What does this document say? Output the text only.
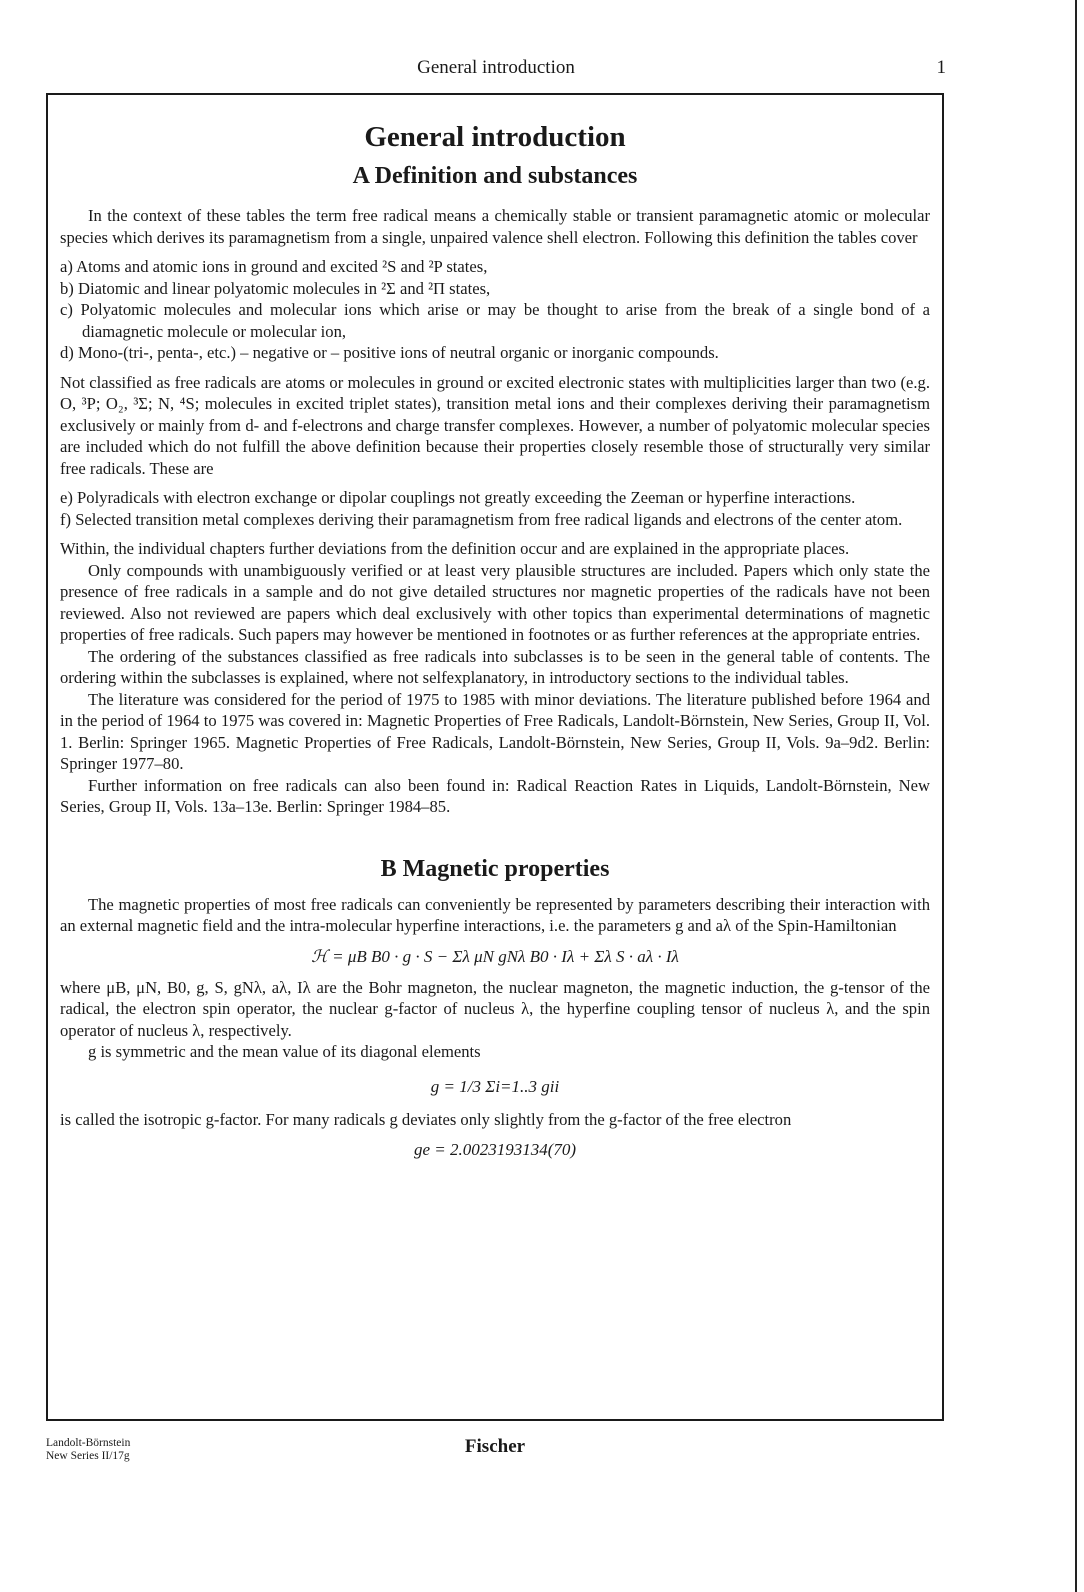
General introduction	1
General introduction
A Definition and substances

In the context of these tables the term free radical means a chemically stable or transient paramagnetic atomic or molecular species which derives its paramagnetism from a single, unpaired valence shell electron. Following this definition the tables cover

a) Atoms and atomic ions in ground and excited ²S and ²P states,
b) Diatomic and linear polyatomic molecules in ²Σ and ²Π states,
c) Polyatomic molecules and molecular ions which arise or may be thought to arise from the break of a single bond of a diamagnetic molecule or molecular ion,
d) Mono-(tri-, penta-, etc.) – negative or – positive ions of neutral organic or inorganic compounds.

Not classified as free radicals are atoms or molecules in ground or excited electronic states with multiplicities larger than two (e.g. O, ³P; O₂, ³Σ; N, ⁴S; molecules in excited triplet states), transition metal ions and their complexes deriving their paramagnetism exclusively or mainly from d- and f-electrons and charge transfer complexes. However, a number of polyatomic molecular species are included which do not fulfill the above definition because their properties closely resemble those of structurally very similar free radicals. These are

e) Polyradicals with electron exchange or dipolar couplings not greatly exceeding the Zeeman or hyperfine interactions.
f) Selected transition metal complexes deriving their paramagnetism from free radical ligands and electrons of the center atom.

Within, the individual chapters further deviations from the definition occur and are explained in the appropriate places.

Only compounds with unambiguously verified or at least very plausible structures are included. Papers which only state the presence of free radicals in a sample and do not give detailed structures nor magnetic properties of the radicals have not been reviewed. Also not reviewed are papers which deal exclusively with other topics than experimental determinations of magnetic properties of free radicals. Such papers may however be mentioned in footnotes or as further references at the appropriate entries.

The ordering of the substances classified as free radicals into subclasses is to be seen in the general table of contents. The ordering within the subclasses is explained, where not selfexplanatory, in introductory sections to the individual tables.

The literature was considered for the period of 1975 to 1985 with minor deviations. The literature published before 1964 and in the period of 1964 to 1975 was covered in: Magnetic Properties of Free Radicals, Landolt-Börnstein, New Series, Group II, Vol. 1. Berlin: Springer 1965. Magnetic Properties of Free Radicals, Landolt-Börnstein, New Series, Group II, Vols. 9a–9d2. Berlin: Springer 1977–80.

Further information on free radicals can also been found in: Radical Reaction Rates in Liquids, Landolt-Börnstein, New Series, Group II, Vols. 13a–13e. Berlin: Springer 1984–85.

B Magnetic properties

The magnetic properties of most free radicals can conveniently be represented by parameters describing their interaction with an external magnetic field and the intra-molecular hyperfine interactions, i.e. the parameters g and aλ of the Spin-Hamiltonian

ℋ = μB B0 · g · S − Σλ μN gNλ B0 · Iλ + Σλ S · aλ · Iλ

where μB, μN, B0, g, S, gNλ, aλ, Iλ are the Bohr magneton, the nuclear magneton, the magnetic induction, the g-tensor of the radical, the electron spin operator, the nuclear g-factor of nucleus λ, the hyperfine coupling tensor of nucleus λ, and the spin operator of nucleus λ, respectively.

g is symmetric and the mean value of its diagonal elements

g = 1/3 Σi=1..3 gii

is called the isotropic g-factor. For many radicals g deviates only slightly from the g-factor of the free electron

ge = 2.0023193134(70)
Landolt-Börnstein
New Series II/17g	Fischer
